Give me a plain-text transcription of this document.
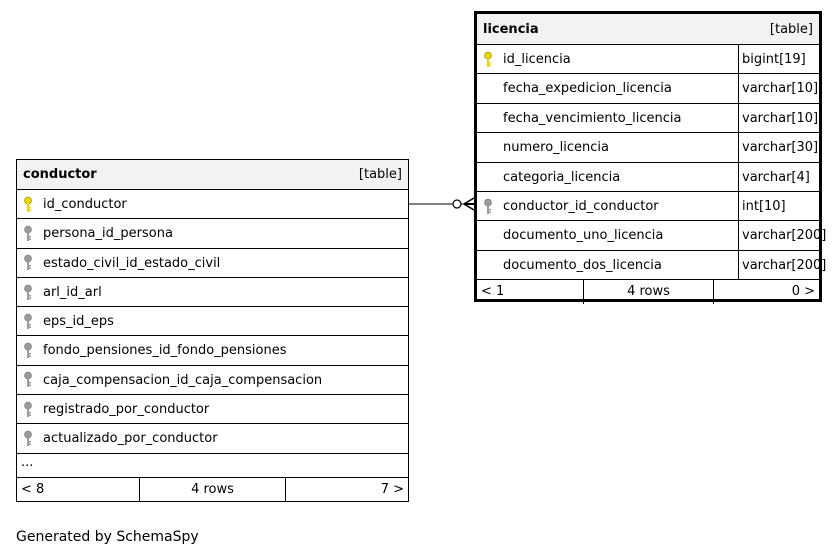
conductor	[table]
id_conductor
persona_id_persona
estado_civil_id_estado_civil
arl_id_arl
eps_id_eps
fondo_pensiones_id_fondo_pensiones
caja_compensacion_id_caja_compensacion
registrado_por_conductor
actualizado_por_conductor
...
< 8	4 rows	7 >
licencia	[table]
id_licencia	bigint[19]
fecha_expedicion_licencia	varchar[10]
fecha_vencimiento_licencia	varchar[10]
numero_licencia	varchar[30]
categoria_licencia	varchar[4]
conductor_id_conductor	int[10]
documento_uno_licencia	varchar[200]
documento_dos_licencia	varchar[200]
< 1	4 rows	0 >
Generated by SchemaSpy
